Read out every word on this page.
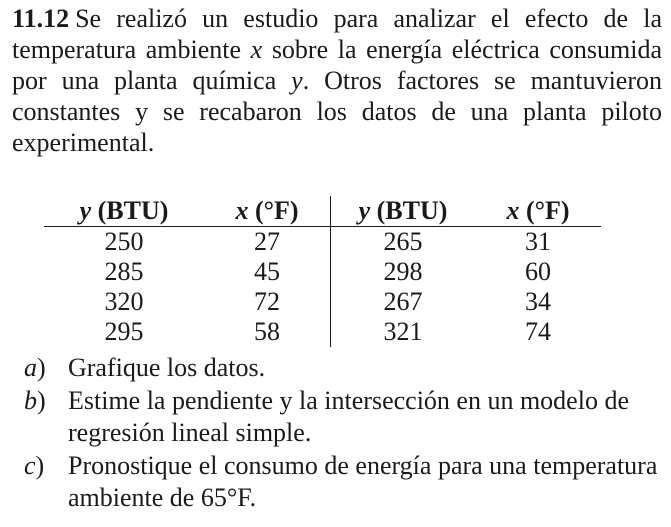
11.12 Se realizó un estudio para analizar el efecto de la temperatura ambiente x sobre la energía eléctrica consumida por una planta química y. Otros factores se mantuvieron constantes y se recabaron los datos de una planta piloto experimental.

y (BTU)	x (°F)	y (BTU)	x (°F)
250	27	265	31
285	45	298	60
320	72	267	34
295	58	321	74
a) Grafique los datos.
b) Estime la pendiente y la intersección en un modelo de regresión lineal simple.
c) Pronostique el consumo de energía para una temperatura ambiente de 65°F.
